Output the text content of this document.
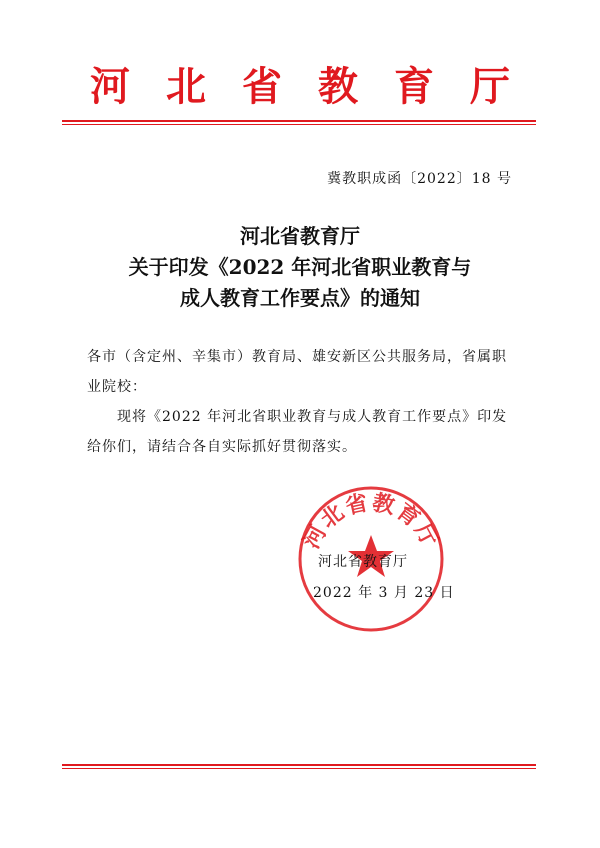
河北省教育厅
冀教职成函〔2022〕18 号
河北省教育厅
关于印发《2022 年河北省职业教育与
成人教育工作要点》的通知
各市（含定州、辛集市）教育局、雄安新区公共服务局，省属职业院校：
现将《2022 年河北省职业教育与成人教育工作要点》印发给你们，请结合各自实际抓好贯彻落实。
河北省教育厅
河北省教育厅
2022 年 3 月 23 日
